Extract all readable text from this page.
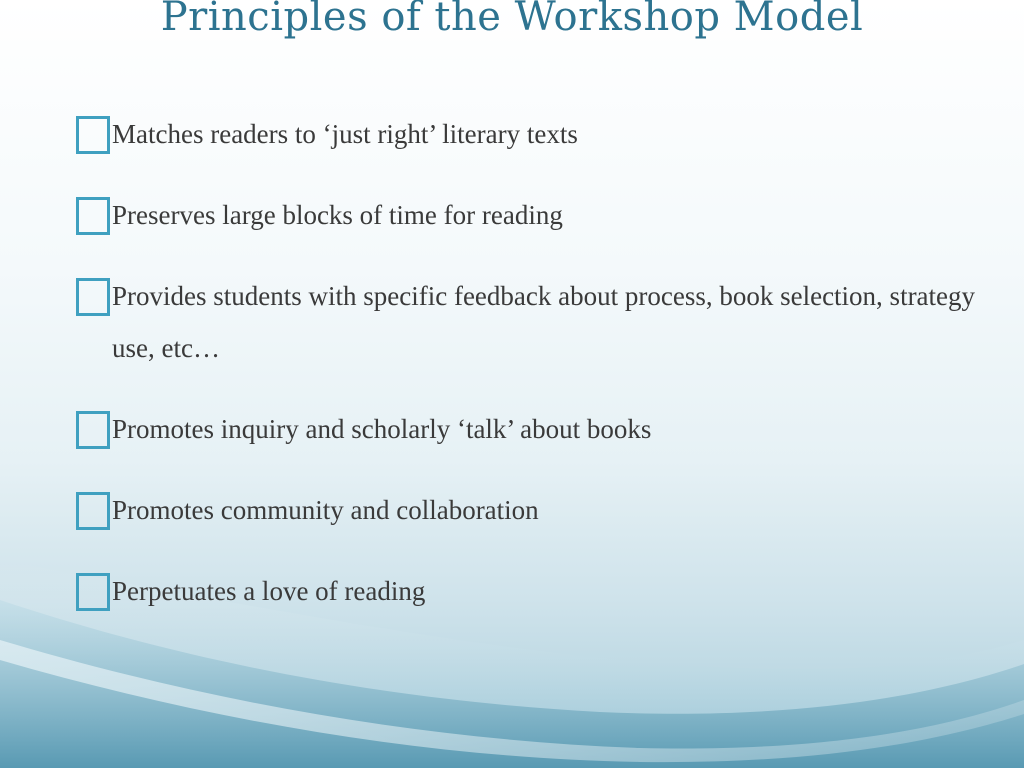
Principles of the Workshop Model
Matches readers to ‘just right’ literary texts
Preserves large blocks of time for reading
Provides students with specific feedback about process, book selection, strategy use, etc…
Promotes inquiry and scholarly ‘talk’ about books
Promotes community and collaboration
Perpetuates a love of reading
